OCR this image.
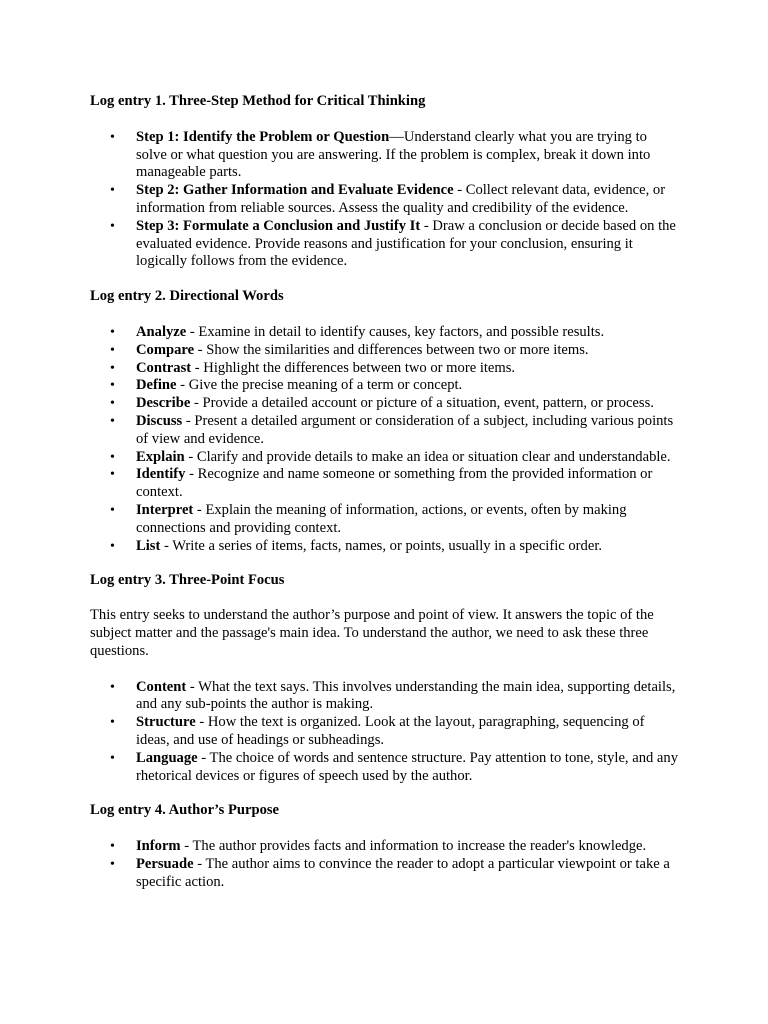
Log entry 1. Three-Step Method for Critical Thinking

• Step 1: Identify the Problem or Question—Understand clearly what you are trying to solve or what question you are answering. If the problem is complex, break it down into manageable parts.
• Step 2: Gather Information and Evaluate Evidence - Collect relevant data, evidence, or information from reliable sources. Assess the quality and credibility of the evidence.
• Step 3: Formulate a Conclusion and Justify It - Draw a conclusion or decide based on the evaluated evidence. Provide reasons and justification for your conclusion, ensuring it logically follows from the evidence.

Log entry 2. Directional Words

• Analyze - Examine in detail to identify causes, key factors, and possible results.
• Compare - Show the similarities and differences between two or more items.
• Contrast - Highlight the differences between two or more items.
• Define - Give the precise meaning of a term or concept.
• Describe - Provide a detailed account or picture of a situation, event, pattern, or process.
• Discuss - Present a detailed argument or consideration of a subject, including various points of view and evidence.
• Explain - Clarify and provide details to make an idea or situation clear and understandable.
• Identify - Recognize and name someone or something from the provided information or context.
• Interpret - Explain the meaning of information, actions, or events, often by making connections and providing context.
• List - Write a series of items, facts, names, or points, usually in a specific order.

Log entry 3. Three-Point Focus

This entry seeks to understand the author’s purpose and point of view. It answers the topic of the subject matter and the passage's main idea. To understand the author, we need to ask these three questions.

• Content - What the text says. This involves understanding the main idea, supporting details, and any sub-points the author is making.
• Structure - How the text is organized. Look at the layout, paragraphing, sequencing of ideas, and use of headings or subheadings.
• Language - The choice of words and sentence structure. Pay attention to tone, style, and any rhetorical devices or figures of speech used by the author.

Log entry 4. Author’s Purpose

• Inform - The author provides facts and information to increase the reader's knowledge.
• Persuade - The author aims to convince the reader to adopt a particular viewpoint or take a specific action.
